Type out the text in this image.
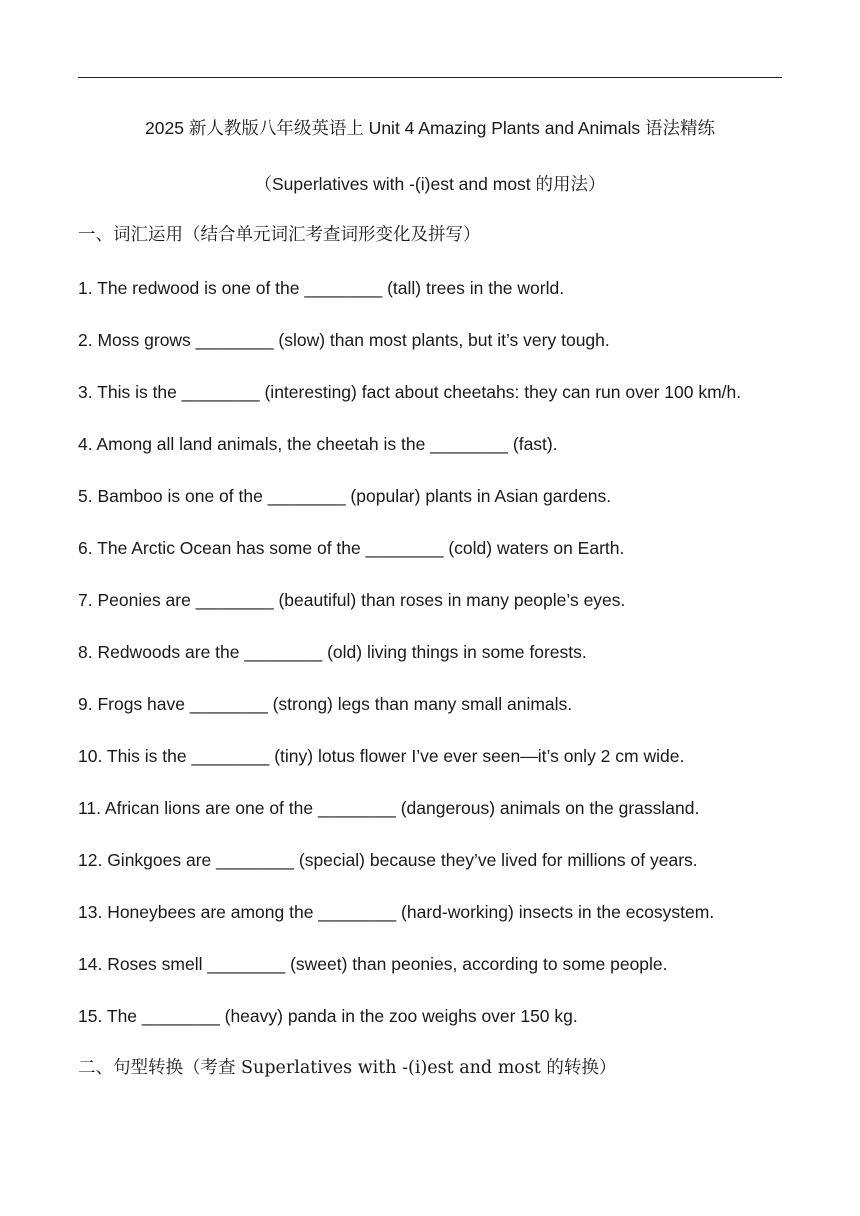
2025 新人教版八年级英语上 Unit 4 Amazing Plants and Animals 语法精练
（Superlatives with -(i)est and most 的用法）
一、词汇运用（结合单元词汇考查词形变化及拼写）
1. The redwood is one of the ________ (tall) trees in the world.
2. Moss grows ________ (slow) than most plants, but it’s very tough.
3. This is the ________ (interesting) fact about cheetahs: they can run over 100 km/h.
4. Among all land animals, the cheetah is the ________ (fast).
5. Bamboo is one of the ________ (popular) plants in Asian gardens.
6. The Arctic Ocean has some of the ________ (cold) waters on Earth.
7. Peonies are ________ (beautiful) than roses in many people’s eyes.
8. Redwoods are the ________ (old) living things in some forests.
9. Frogs have ________ (strong) legs than many small animals.
10. This is the ________ (tiny) lotus flower I’ve ever seen—it’s only 2 cm wide.
11. African lions are one of the ________ (dangerous) animals on the grassland.
12. Ginkgoes are ________ (special) because they’ve lived for millions of years.
13. Honeybees are among the ________ (hard-working) insects in the ecosystem.
14. Roses smell ________ (sweet) than peonies, according to some people.
15. The ________ (heavy) panda in the zoo weighs over 150 kg.
二、句型转换（考查 Superlatives with -(i)est and most 的转换）
